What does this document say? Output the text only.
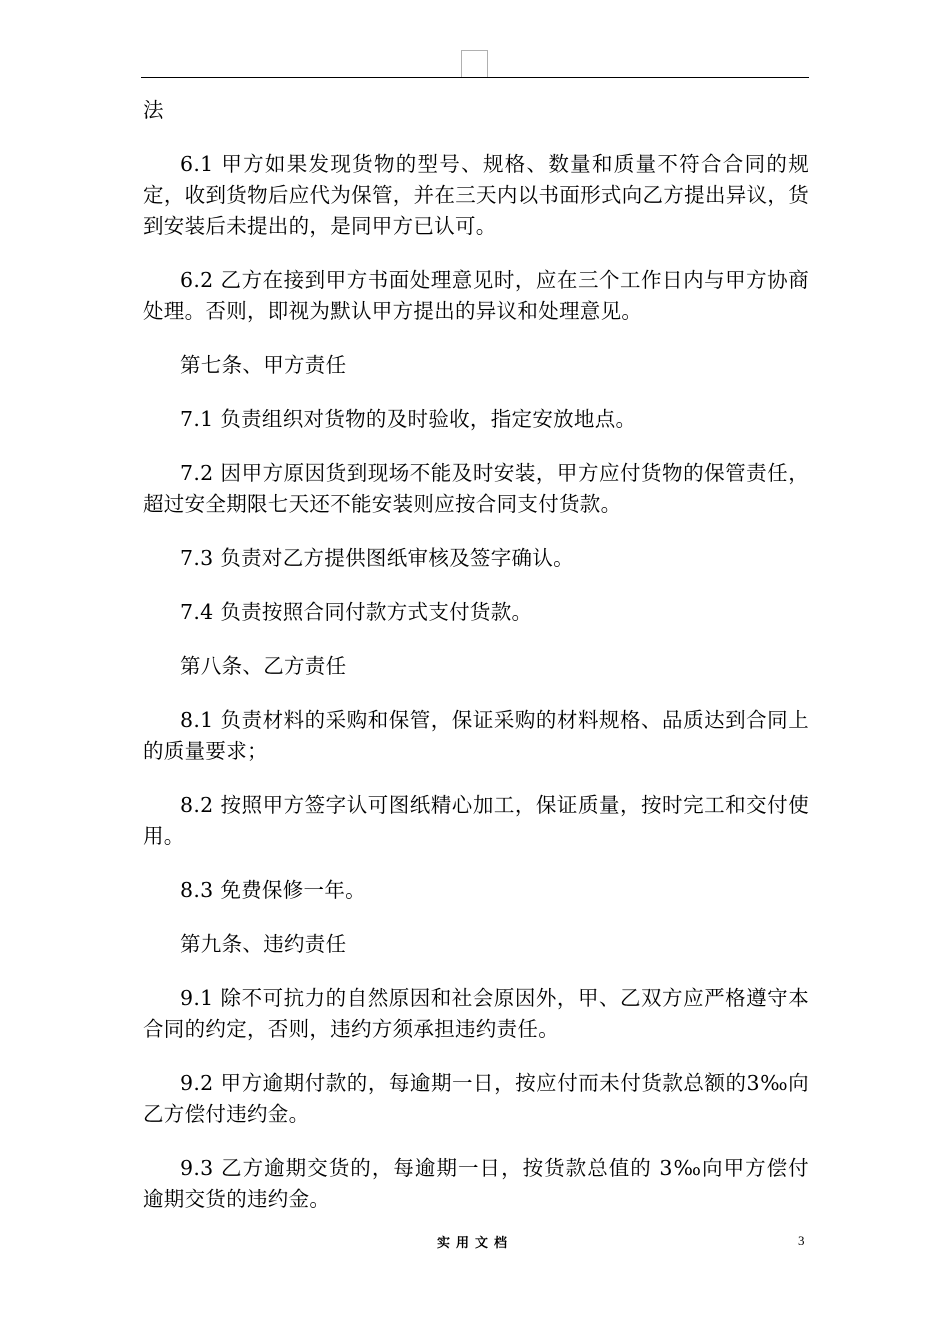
法

6.1 甲方如果发现货物的型号、规格、数量和质量不符合合同的规定，收到货物后应代为保管，并在三天内以书面形式向乙方提出异议，货到安装后未提出的，是同甲方已认可。

6.2 乙方在接到甲方书面处理意见时，应在三个工作日内与甲方协商处理。否则，即视为默认甲方提出的异议和处理意见。

第七条、甲方责任

7.1 负责组织对货物的及时验收，指定安放地点。

7.2 因甲方原因货到现场不能及时安装，甲方应付货物的保管责任，超过安全期限七天还不能安装则应按合同支付货款。

7.3 负责对乙方提供图纸审核及签字确认。

7.4 负责按照合同付款方式支付货款。

第八条、乙方责任

8.1 负责材料的采购和保管，保证采购的材料规格、品质达到合同上的质量要求；

8.2 按照甲方签字认可图纸精心加工，保证质量，按时完工和交付使用。

8.3 免费保修一年。

第九条、违约责任

9.1 除不可抗力的自然原因和社会原因外，甲、乙双方应严格遵守本合同的约定，否则，违约方须承担违约责任。

9.2 甲方逾期付款的，每逾期一日，按应付而未付货款总额的3‰向乙方偿付违约金。

9.3 乙方逾期交货的，每逾期一日，按货款总值的 3‰向甲方偿付逾期交货的违约金。

实用文档	3
